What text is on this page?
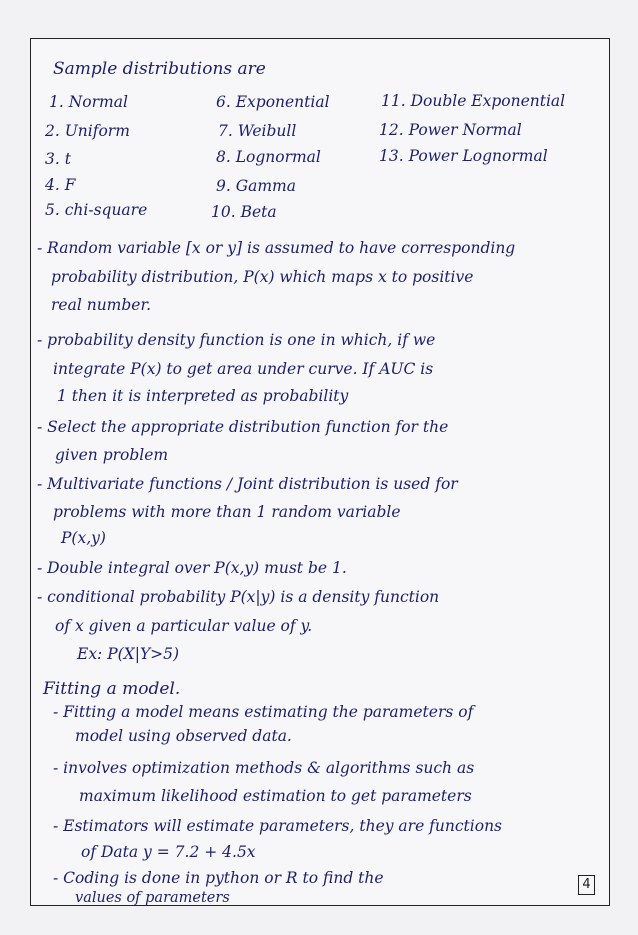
Sample distributions are
1. Normal
2. Uniform
3. t
4. F
5. chi-square
6. Exponential
7. Weibull
8. Lognormal
9. Gamma
10. Beta
11. Double Exponential
12. Power Normal
13. Power Lognormal
- Random variable [x or y] is assumed to have corresponding
probability distribution, P(x) which maps x to positive
real number.
- probability density function is one in which, if we
integrate P(x) to get area under curve. If AUC is
1 then it is interpreted as probability
- Select the appropriate distribution function for the
given problem
- Multivariate functions / Joint distribution is used for
problems with more than 1 random variable
P(x,y)
- Double integral over P(x,y) must be 1.
- conditional probability P(x|y) is a density function
of x given a particular value of y.
Ex: P(X|Y>5)
Fitting a model.
- Fitting a model means estimating the parameters of
model using observed data.
- involves optimization methods & algorithms such as
maximum likelihood estimation to get parameters
- Estimators will estimate parameters, they are functions
of Data y = 7.2 + 4.5x
- Coding is done in python or R to find the
values of parameters
4
